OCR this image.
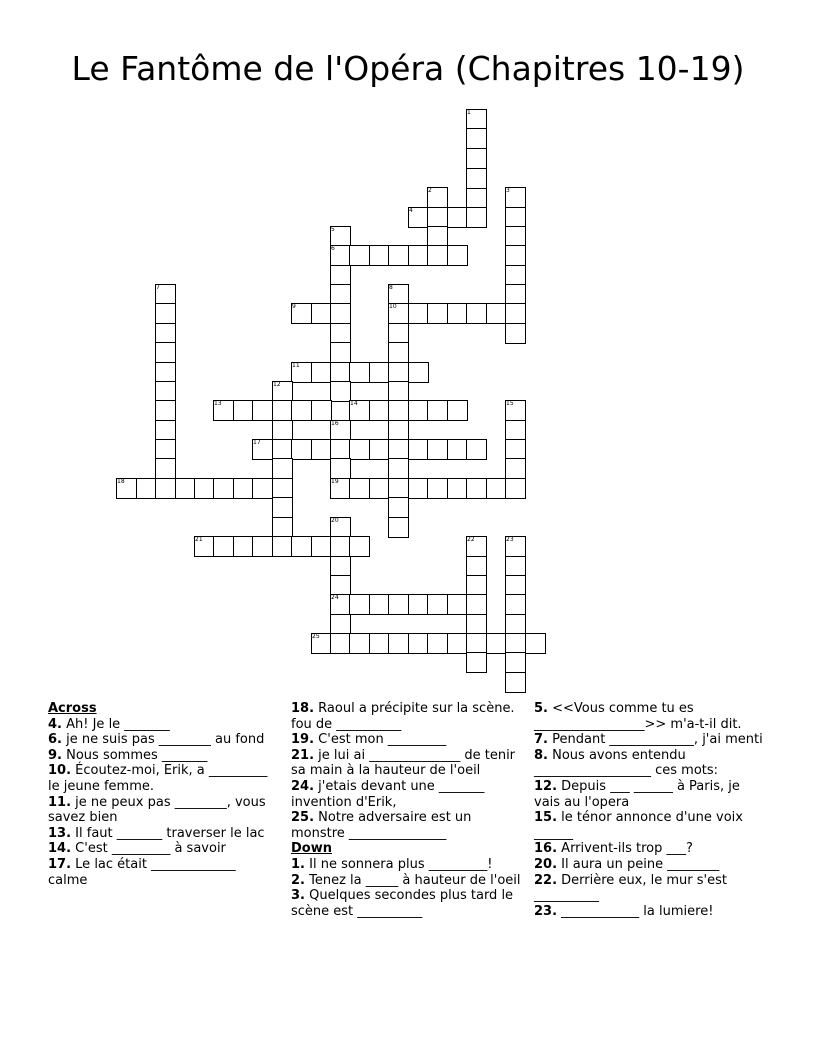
Le Fantôme de l'Opéra (Chapitres 10-19)
1
2	3
4
5
6
7	8
9	10
11
12
13	14	15
16
17
18	19
20
21	22	23
24
25
Across
4. Ah! Je le _______
6. je ne suis pas ________ au fond
9. Nous sommes _______
10. Écoutez-moi, Erik, a _________ le jeune femme.
11. je ne peux pas ________, vous savez bien
13. Il faut _______ traverser le lac
14. C'est _________ à savoir
17. Le lac était _____________ calme
18. Raoul a précipite sur la scène. fou de __________
19. C'est mon _________
21. je lui ai ______________ de tenir sa main à la hauteur de l'oeil
24. j'etais devant une _______ invention d'Erik,
25. Notre adversaire est un monstre _______________
Down
1. Il ne sonnera plus _________!
2. Tenez la _____ à hauteur de l'oeil
3. Quelques secondes plus tard le scène est __________
5. <<Vous comme tu es _________________>> m'a-t-il dit.
7. Pendant _____________, j'ai menti
8. Nous avons entendu __________________ ces mots:
12. Depuis ___ ______ à Paris, je vais au l'opera
15. le ténor annonce d'une voix ______
16. Arrivent-ils trop ___?
20. Il aura un peine ________
22. Derrière eux, le mur s'est __________
23. ____________ la lumiere!
